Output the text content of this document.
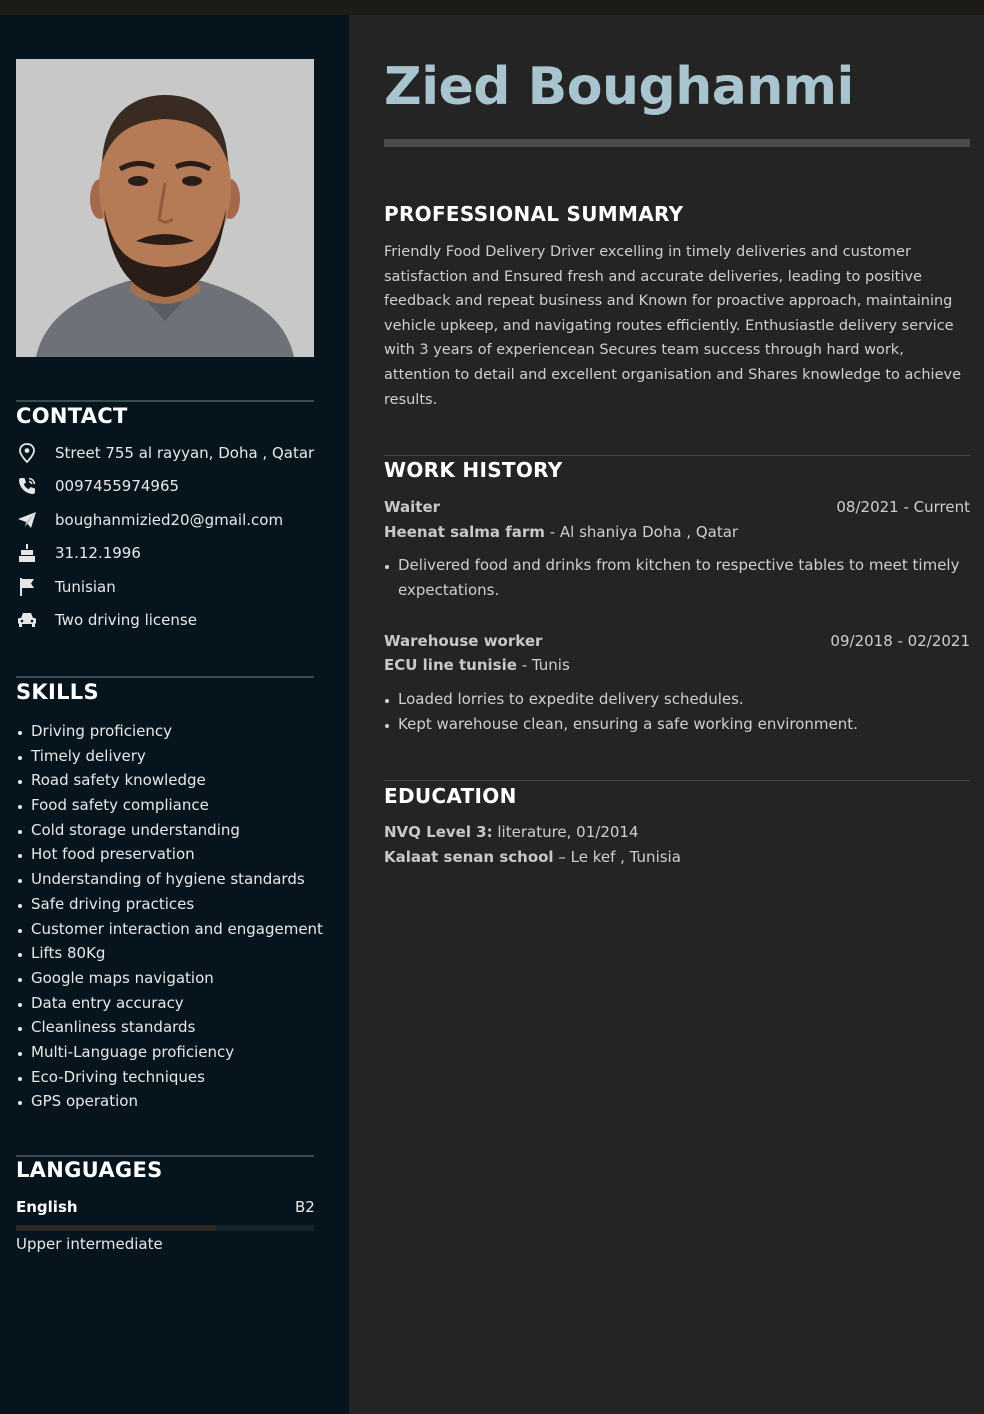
CONTACT
Street 755 al rayyan, Doha , Qatar
0097455974965
boughanmizied20@gmail.com
31.12.1996
Tunisian
Two driving license
SKILLS
Driving proficiency
Timely delivery
Road safety knowledge
Food safety compliance
Cold storage understanding
Hot food preservation
Understanding of hygiene standards
Safe driving practices
Customer interaction and engagement
Lifts 80Kg
Google maps navigation
Data entry accuracy
Cleanliness standards
Multi-Language proficiency
Eco-Driving techniques
GPS operation
LANGUAGES
English	B2
Upper intermediate
Zied Boughanmi
PROFESSIONAL SUMMARY

Friendly Food Delivery Driver excelling in timely deliveries and customer satisfaction and Ensured fresh and accurate deliveries, leading to positive feedback and repeat business and Known for proactive approach, maintaining vehicle upkeep, and navigating routes efficiently. Enthusiastle delivery service with 3 years of experiencean Secures team success through hard work, attention to detail and excellent organisation and Shares knowledge to achieve results.

WORK HISTORY
Waiter	08/2021 - Current
Heenat salma farm - Al shaniya Doha , Qatar
Delivered food and drinks from kitchen to respective tables to meet timely expectations.
Warehouse worker	09/2018 - 02/2021
ECU line tunisie - Tunis
Loaded lorries to expedite delivery schedules.
Kept warehouse clean, ensuring a safe working environment.
EDUCATION
NVQ Level 3: literature, 01/2014
Kalaat senan school – Le kef , Tunisia
